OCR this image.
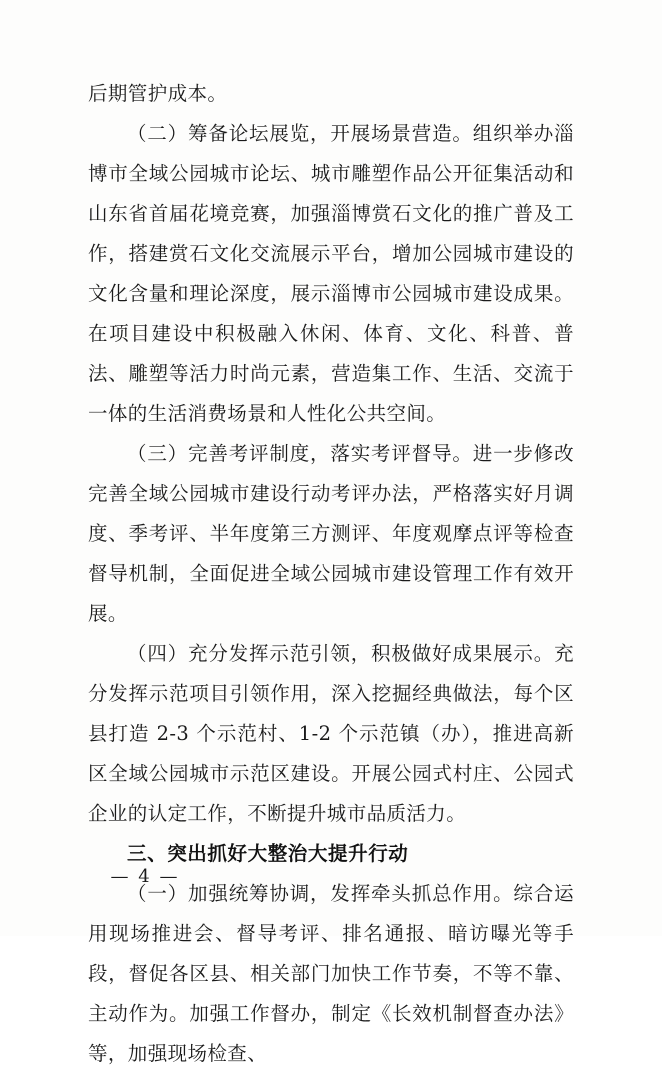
后期管护成本。

（二）筹备论坛展览，开展场景营造。组织举办淄博市全域公园城市论坛、城市雕塑作品公开征集活动和山东省首届花境竞赛，加强淄博赏石文化的推广普及工作，搭建赏石文化交流展示平台，增加公园城市建设的文化含量和理论深度，展示淄博市公园城市建设成果。在项目建设中积极融入休闲、体育、文化、科普、普法、雕塑等活力时尚元素，营造集工作、生活、交流于一体的生活消费场景和人性化公共空间。

（三）完善考评制度，落实考评督导。进一步修改完善全域公园城市建设行动考评办法，严格落实好月调度、季考评、半年度第三方测评、年度观摩点评等检查督导机制，全面促进全域公园城市建设管理工作有效开展。

（四）充分发挥示范引领，积极做好成果展示。充分发挥示范项目引领作用，深入挖掘经典做法，每个区县打造 2-3 个示范村、1-2 个示范镇（办），推进高新区全域公园城市示范区建设。开展公园式村庄、公园式企业的认定工作，不断提升城市品质活力。

三、突出抓好大整治大提升行动

（一）加强统筹协调，发挥牵头抓总作用。综合运用现场推进会、督导考评、排名通报、暗访曝光等手段，督促各区县、相关部门加快工作节奏，不等不靠、主动作为。加强工作督办，制定《长效机制督查办法》等，加强现场检查、

— 4 —
